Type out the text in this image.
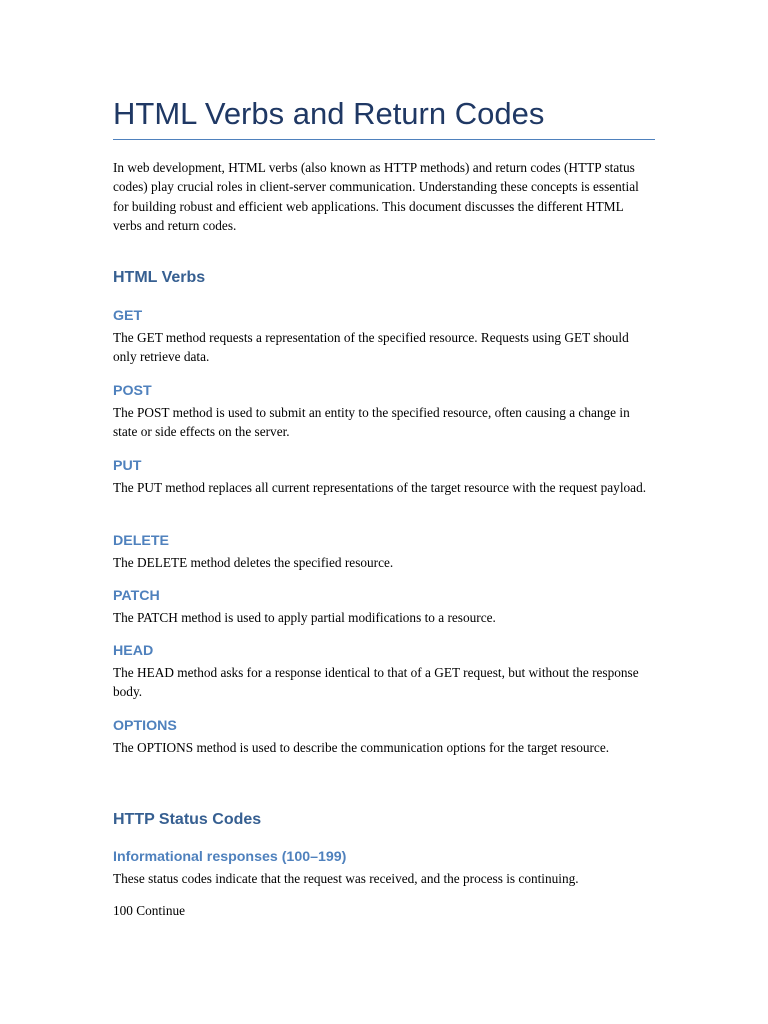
HTML Verbs and Return Codes

In web development, HTML verbs (also known as HTTP methods) and return codes (HTTP status codes) play crucial roles in client-server communication. Understanding these concepts is essential for building robust and efficient web applications. This document discusses the different HTML verbs and return codes.

HTML Verbs
GET

The GET method requests a representation of the specified resource. Requests using GET should only retrieve data.

POST

The POST method is used to submit an entity to the specified resource, often causing a change in state or side effects on the server.

PUT

The PUT method replaces all current representations of the target resource with the request payload.

DELETE

The DELETE method deletes the specified resource.

PATCH

The PATCH method is used to apply partial modifications to a resource.

HEAD

The HEAD method asks for a response identical to that of a GET request, but without the response body.

OPTIONS

The OPTIONS method is used to describe the communication options for the target resource.

HTTP Status Codes
Informational responses (100–199)

These status codes indicate that the request was received, and the process is continuing.

100 Continue
